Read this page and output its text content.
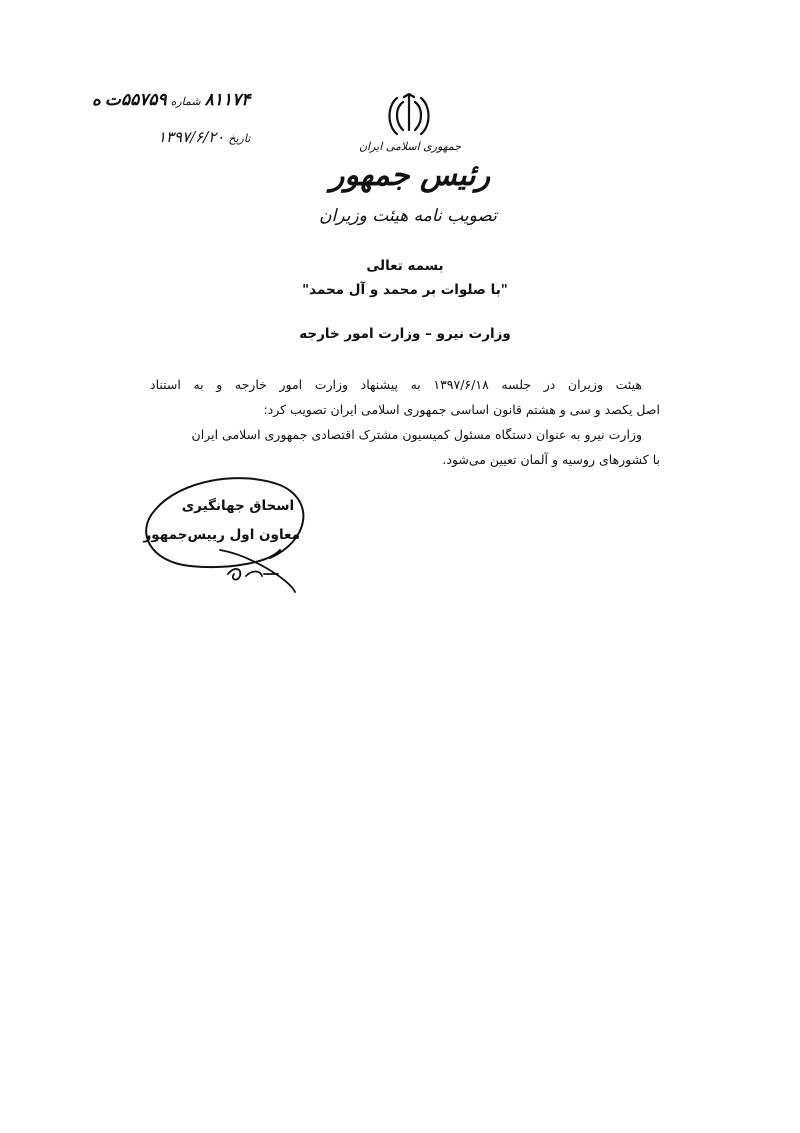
۸۱۱۷۴
شماره
۵۵۷۵۹ت
ه
تاریخ
۱۳۹۷/۶/۲۰
جمهوری اسلامی ایران
رئیس جمهور
تصویب نامه هیئت وزیران
بسمه تعالی
"با صلوات بر محمد و آل محمد"
وزارت نیرو – وزارت امور خارجه

هیئت وزیران در جلسه ۱۳۹۷/۶/۱۸ به پیشنهاد وزارت امور خارجه و به استناد

اصل یکصد و سی و هشتم قانون اساسی جمهوری اسلامی ایران تصویب کرد:

وزارت نیرو به عنوان دستگاه مسئول کمیسیون مشترک اقتصادی جمهوری اسلامی ایران

با کشورهای روسیه و آلمان تعیین می‌شود.

اسحاق جهانگیری
معاون اول رییس‌جمهور
